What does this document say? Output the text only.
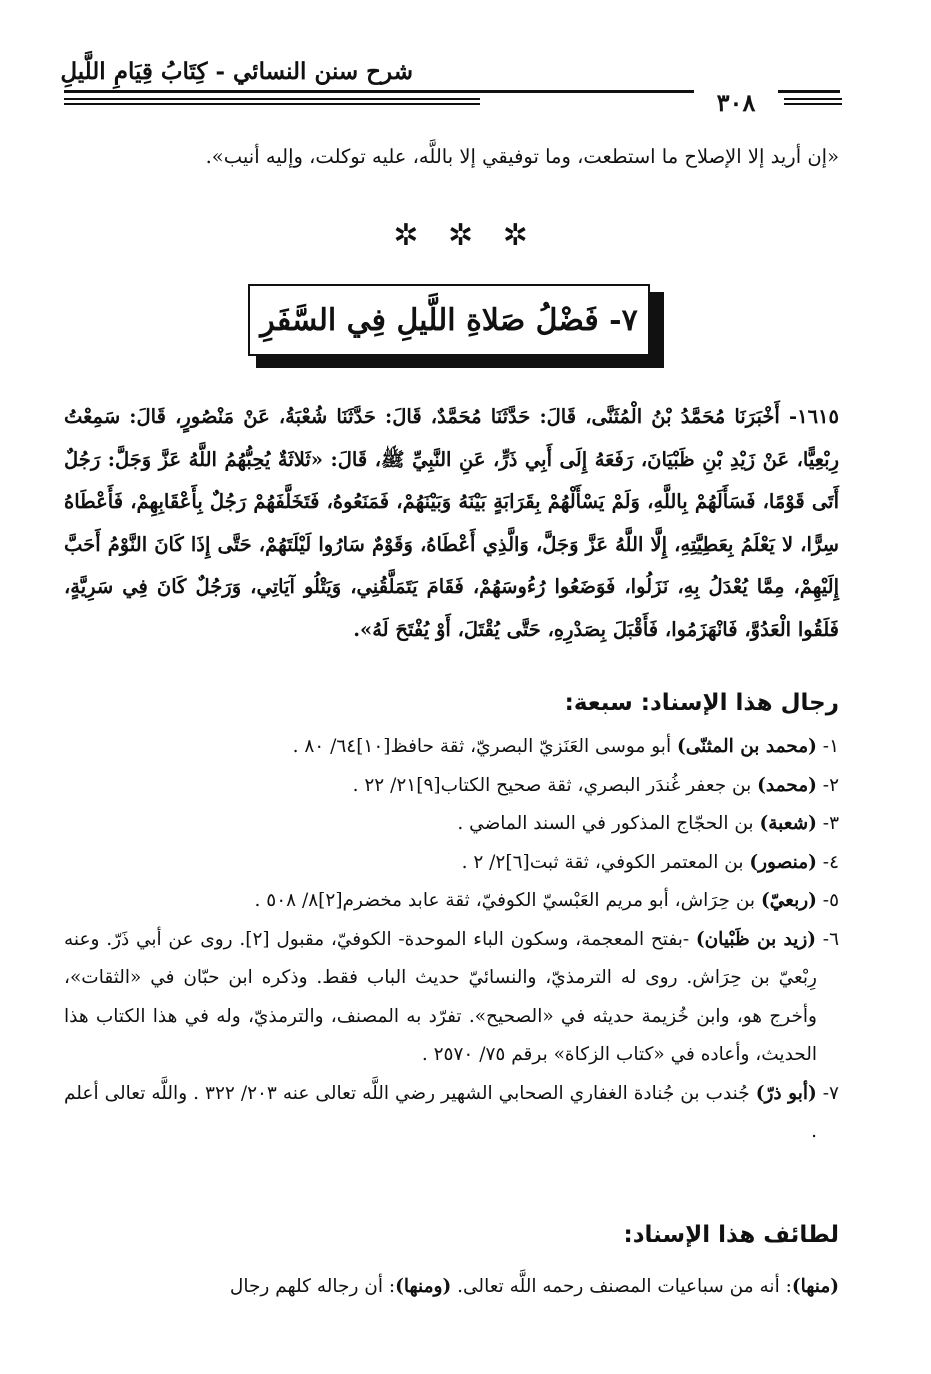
شرح سنن النسائي - كِتَابُ قِيَامِ اللَّيلِ
٣٠٨
«إن أريد إلا الإصلاح ما استطعت، وما توفيقي إلا باللَّه، عليه توكلت، وإليه أنيب».
✲ ✲ ✲
٧- فَضْلُ صَلاةِ اللَّيلِ فِي السَّفَرِ
١٦١٥- أَخْبَرَنَا مُحَمَّدُ بْنُ الْمُثَنَّى، قَالَ: حَدَّثَنَا مُحَمَّدٌ، قَالَ: حَدَّثَنَا شُعْبَةُ، عَنْ مَنْصُورٍ، قَالَ: سَمِعْتُ رِبْعِيًّا، عَنْ زَيْدِ بْنِ ظَبْيَانَ، رَفَعَهُ إِلَى أَبِي ذَرٍّ، عَنِ النَّبِيِّ ﷺ، قَالَ: «ثَلاثَةٌ يُحِبُّهُمُ اللَّهُ عَزَّ وَجَلَّ: رَجُلٌ أَتَى قَوْمًا، فَسَأَلَهُمْ بِاللَّهِ، وَلَمْ يَسْأَلْهُمْ بِقَرَابَةٍ بَيْنَهُ وَبَيْنَهُمْ، فَمَنَعُوهُ، فَتَخَلَّفَهُمْ رَجُلٌ بِأَعْقَابِهِمْ، فَأَعْطَاهُ سِرًّا، لا يَعْلَمُ بِعَطِيَّتِهِ، إِلَّا اللَّهُ عَزَّ وَجَلَّ، وَالَّذِي أَعْطَاهُ، وَقَوْمٌ سَارُوا لَيْلَتَهُمْ، حَتَّى إِذَا كَانَ النَّوْمُ أَحَبَّ إِلَيْهِمْ، مِمَّا يُعْدَلُ بِهِ، نَزَلُوا، فَوَضَعُوا رُءُوسَهُمْ، فَقَامَ يَتَمَلَّقُنِي، وَيَتْلُو آيَاتِي، وَرَجُلٌ كَانَ فِي سَرِيَّةٍ، فَلَقُوا الْعَدُوَّ، فَانْهَزَمُوا، فَأَقْبَلَ بِصَدْرِهِ، حَتَّى يُقْتَلَ، أَوْ يُفْتَحَ لَهُ».
رجال هذا الإسناد: سبعة:
١- (محمد بن المثنّى) أبو موسى العَنَزيّ البصريّ، ثقة حافظ[١٠]٦٤/ ٨٠ .
٢- (محمد) بن جعفر غُندَر البصري، ثقة صحيح الكتاب[٩]٢١/ ٢٢ .
٣- (شعبة) بن الحجّاج المذكور في السند الماضي .
٤- (منصور) بن المعتمر الكوفي، ثقة ثبت[٦]٢/ ٢ .
٥- (ربعيّ) بن حِرَاش، أبو مريم العَبْسيّ الكوفيّ، ثقة عابد مخضرم[٢]٨/ ٥٠٨ .
٦- (زيد بن ظَبْيان) -بفتح المعجمة، وسكون الباء الموحدة- الكوفيّ، مقبول [٢]. روى عن أبي ذَرّ. وعنه رِبْعيّ بن حِرَاش. روى له الترمذيّ، والنسائيّ حديث الباب فقط. وذكره ابن حبّان في «الثقات»، وأخرج هو، وابن خُزيمة حديثه في «الصحيح». تفرّد به المصنف، والترمذيّ، وله في هذا الكتاب هذا الحديث، وأعاده في «كتاب الزكاة» برقم ٧٥/ ٢٥٧٠ .
٧- (أبو ذرّ) جُندب بن جُنادة الغفاري الصحابي الشهير رضي اللَّه تعالى عنه ٢٠٣/ ٣٢٢ . واللَّه تعالى أعلم .
لطائف هذا الإسناد:
(منها): أنه من سباعيات المصنف رحمه اللَّه تعالى. (ومنها): أن رجاله كلهم رجال
